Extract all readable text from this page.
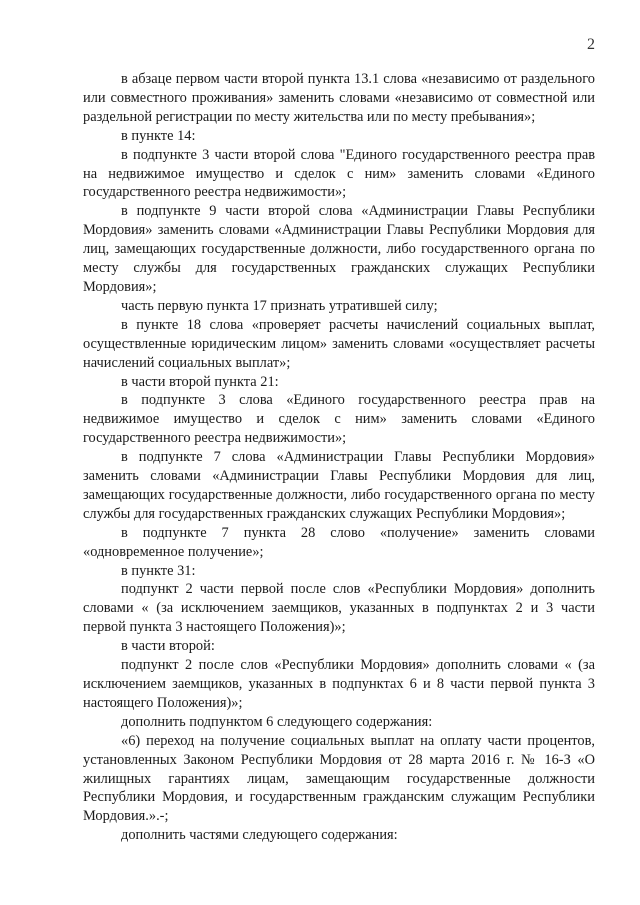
2

в абзаце первом части второй пункта 13.1 слова «независимо от раздельного или совместного проживания» заменить словами «независимо от совместной или раздельной регистрации по месту жительства или по месту пребывания»;

в пункте 14:

в подпункте 3 части второй слова "Единого государственного реестра прав на недвижимое имущество и сделок с ним» заменить словами «Единого государственного реестра недвижимости»;

в подпункте 9 части второй слова «Администрации Главы Республики Мордовия» заменить словами «Администрации Главы Республики Мордовия для лиц, замещающих государственные должности, либо государственного органа по месту службы для государственных гражданских служащих Республики Мордовия»;

часть первую пункта 17 признать утратившей силу;

в пункте 18 слова «проверяет расчеты начислений социальных выплат, осуществленные юридическим лицом» заменить словами «осуществляет расчеты начислений социальных выплат»;

в части второй пункта 21:

в подпункте 3 слова «Единого государственного реестра прав на недвижимое имущество и сделок с ним» заменить словами «Единого государственного реестра недвижимости»;

в подпункте 7 слова «Администрации Главы Республики Мордовия» заменить словами «Администрации Главы Республики Мордовия для лиц, замещающих государственные должности, либо государственного органа по месту службы для государственных гражданских служащих Республики Мордовия»;

в подпункте 7 пункта 28 слово «получение» заменить словами «одновременное получение»;

в пункте 31:

подпункт 2 части первой после слов «Республики Мордовия» дополнить словами « (за исключением заемщиков, указанных в подпунктах 2 и 3 части первой пункта 3 настоящего Положения)»;

в части второй:

подпункт 2 после слов «Республики Мордовия» дополнить словами « (за исключением заемщиков, указанных в подпунктах 6 и 8 части первой пункта 3 настоящего Положения)»;

дополнить подпунктом 6 следующего содержания:

«6) переход на получение социальных выплат на оплату части процентов, установленных Законом Республики Мордовия от 28 марта 2016 г. № 16-З «О жилищных гарантиях лицам, замещающим государственные должности Республики Мордовия, и государственным гражданским служащим Республики Мордовия.».-;

дополнить частями следующего содержания:
